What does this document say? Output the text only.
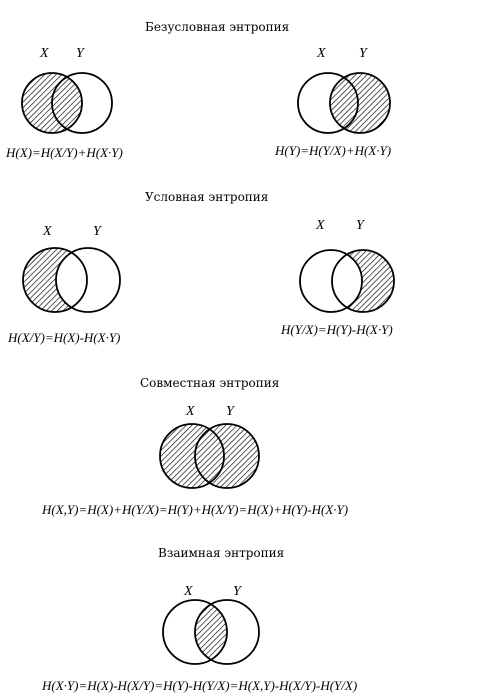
Безусловная энтропия
X Y
H(X)=H(X/Y)+H(X·Y)
X Y
H(Y)=H(Y/X)+H(X·Y)
Условная энтропия
X	Y
H(X/Y)=H(X)-H(X·Y)
X Y
H(Y/X)=H(Y)-H(X·Y)
Совместная энтропия
X Y
H(X,Y)=H(X)+H(Y/X)=H(Y)+H(X/Y)=H(X)+H(Y)-H(X·Y)
Взаимная энтропия
X	Y
H(X·Y)=H(X)-H(X/Y)=H(Y)-H(Y/X)=H(X,Y)-H(X/Y)-H(Y/X)
